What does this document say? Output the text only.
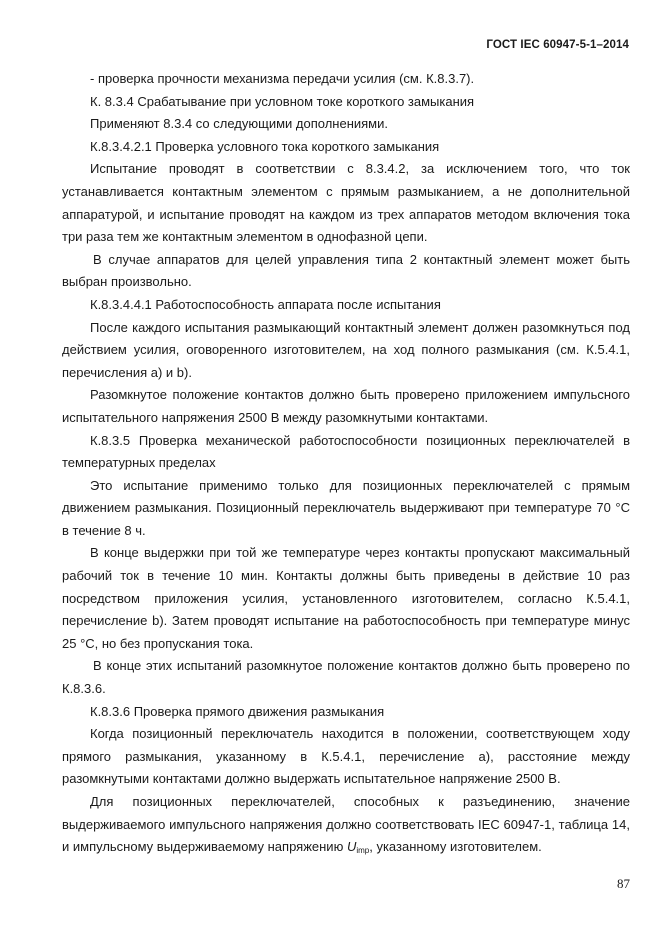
ГОСТ IEC 60947-5-1–2014

- проверка прочности механизма передачи усилия (см. К.8.3.7).

К. 8.3.4 Срабатывание при условном токе короткого замыкания

Применяют 8.3.4 со следующими дополнениями.

К.8.3.4.2.1 Проверка условного тока короткого замыкания

Испытание проводят в соответствии с 8.3.4.2, за исключением того, что ток устанавливается контактным элементом с прямым размыканием, а не дополнительной аппаратурой, и испытание проводят на каждом из трех аппаратов методом включения тока три раза тем же контактным элементом в однофазной цепи.

В случае аппаратов для целей управления типа 2 контактный элемент может быть выбран произвольно.

К.8.3.4.4.1 Работоспособность аппарата после испытания

После каждого испытания размыкающий контактный элемент должен разомкнуться под действием усилия, оговоренного изготовителем, на ход полного размыкания (см. К.5.4.1, перечисления а) и b).

Разомкнутое положение контактов должно быть проверено приложением импульсного испытательного напряжения 2500 В между разомкнутыми контактами.

К.8.3.5 Проверка механической работоспособности позиционных переключателей в температурных пределах

Это испытание применимо только для позиционных переключателей с прямым движением размыкания. Позиционный переключатель выдерживают при температуре 70 °С в течение 8 ч.

В конце выдержки при той же температуре через контакты пропускают максимальный рабочий ток в течение 10 мин. Контакты должны быть приведены в действие 10 раз посредством приложения усилия, установленного изготовителем, согласно К.5.4.1, перечисление b). Затем проводят испытание на работоспособность при температуре минус 25 °С, но без пропускания тока.

В конце этих испытаний разомкнутое положение контактов должно быть проверено по К.8.3.6.

К.8.3.6 Проверка прямого движения размыкания

Когда позиционный переключатель находится в положении, соответствующем ходу прямого размыкания, указанному в К.5.4.1, перечисление а), расстояние между разомкнутыми контактами должно выдержать испытательное напряжение 2500 В.

Для позиционных переключателей, способных к разъединению, значение выдерживаемого импульсного напряжения должно соответствовать IEC 60947-1, таблица 14, и импульсному выдерживаемому напряжению $U_{imp}$, указанному изготовителем.

87
